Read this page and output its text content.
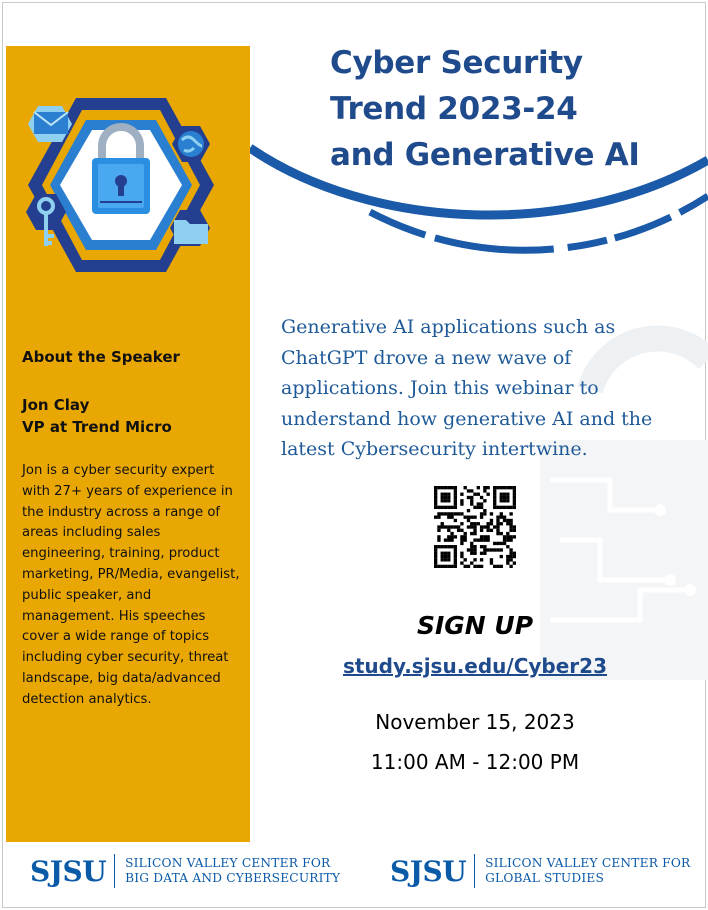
About the Speaker
Jon Clay
VP at Trend Micro
Jon is a cyber security expert with 27+ years of experience in the industry across a range of areas including sales engineering, training, product marketing, PR/Media, evangelist, public speaker, and management. His speeches cover a wide range of topics including cyber security, threat landscape, big data/advanced detection analytics.
Cyber Security
Trend 2023-24
and Generative AI
Generative AI applications such as ChatGPT drove a new wave of applications. Join this webinar to understand how generative AI and the latest Cybersecurity intertwine.
SIGN UP
study.sjsu.edu/Cyber23
November 15, 2023
11:00 AM - 12:00 PM
SJSU SILICON VALLEY CENTER FOR
BIG DATA AND CYBERSECURITY SJSU SILICON VALLEY CENTER FOR
GLOBAL STUDIES
